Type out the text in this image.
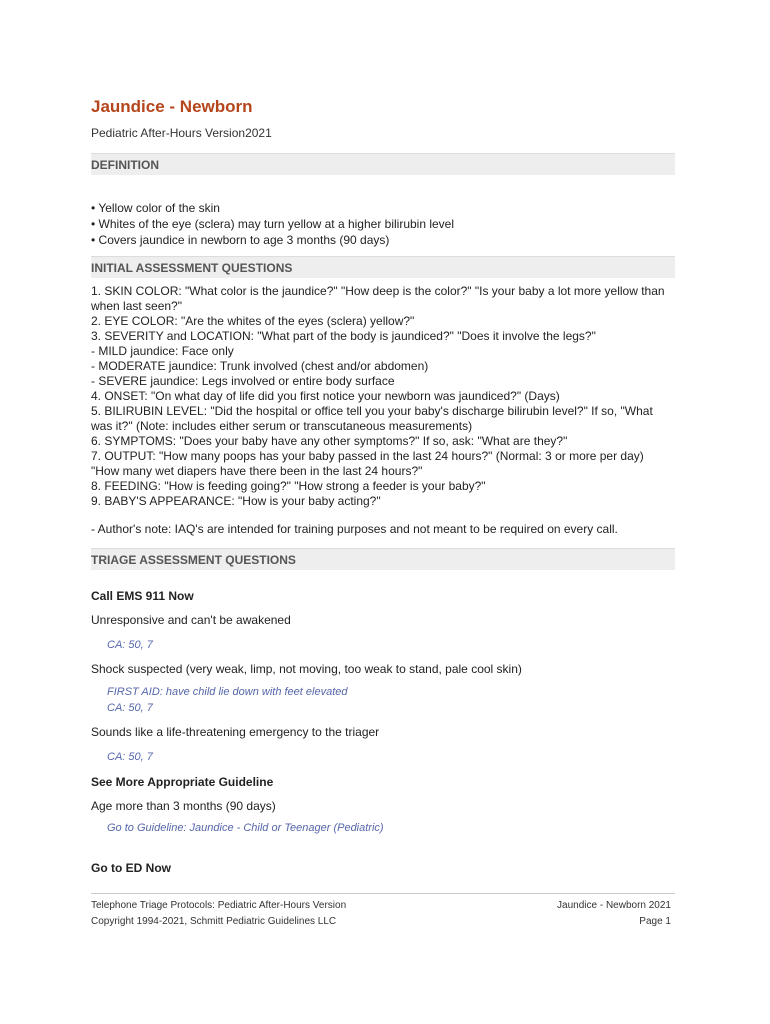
Jaundice - Newborn
Pediatric After-Hours Version2021
DEFINITION
• Yellow color of the skin
• Whites of the eye (sclera) may turn yellow at a higher bilirubin level
• Covers jaundice in newborn to age 3 months (90 days)
INITIAL ASSESSMENT QUESTIONS
1. SKIN COLOR: "What color is the jaundice?" "How deep is the color?" "Is your baby a lot more yellow than when last seen?"
2. EYE COLOR: "Are the whites of the eyes (sclera) yellow?"
3. SEVERITY and LOCATION: "What part of the body is jaundiced?" "Does it involve the legs?"
- MILD jaundice: Face only
- MODERATE jaundice: Trunk involved (chest and/or abdomen)
- SEVERE jaundice: Legs involved or entire body surface
4. ONSET: "On what day of life did you first notice your newborn was jaundiced?" (Days)
5. BILIRUBIN LEVEL: "Did the hospital or office tell you your baby's discharge bilirubin level?" If so, "What was it?" (Note: includes either serum or transcutaneous measurements)
6. SYMPTOMS: "Does your baby have any other symptoms?" If so, ask: "What are they?"
7. OUTPUT: "How many poops has your baby passed in the last 24 hours?" (Normal: 3 or more per day) "How many wet diapers have there been in the last 24 hours?"
8. FEEDING: "How is feeding going?" "How strong a feeder is your baby?"
9. BABY'S APPEARANCE: "How is your baby acting?"
- Author's note: IAQ's are intended for training purposes and not meant to be required on every call.
TRIAGE ASSESSMENT QUESTIONS
Call EMS 911 Now
Unresponsive and can't be awakened
CA: 50, 7
Shock suspected (very weak, limp, not moving, too weak to stand, pale cool skin)
FIRST AID: have child lie down with feet elevated
CA: 50, 7
Sounds like a life-threatening emergency to the triager
CA: 50, 7
See More Appropriate Guideline
Age more than 3 months (90 days)
Go to Guideline: Jaundice - Child or Teenager (Pediatric)
Go to ED Now
Telephone Triage Protocols: Pediatric After-Hours Version
Copyright 1994-2021, Schmitt Pediatric Guidelines LLC
Jaundice - Newborn 2021
Page 1
